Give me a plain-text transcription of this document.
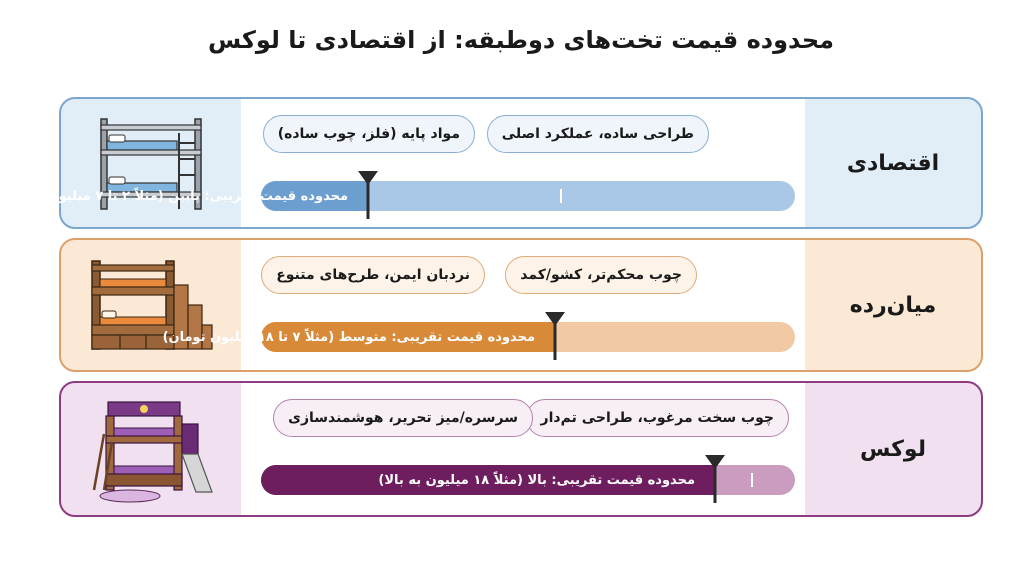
محدوده قیمت تخت‌های دوطبقه: از اقتصادی تا لوکس
طراحی ساده، عملکرد اصلی
مواد پایه (فلز، چوب ساده)
محدوده قیمت تقریبی: پایین (مثلاً ۲ تا ۷ میلیون تومان)
اقتصادی
چوب محکم‌تر، کشو/کمد
نردبان ایمن، طرح‌های متنوع
محدوده قیمت تقریبی: متوسط (مثلاً ۷ تا ۱۸ میلیون تومان)
میان‌رده
چوب سخت مرغوب، طراحی تم‌دار
سرسره/میز تحریر، هوشمندسازی
محدوده قیمت تقریبی: بالا (مثلاً ۱۸ میلیون به بالا)
لوکس
